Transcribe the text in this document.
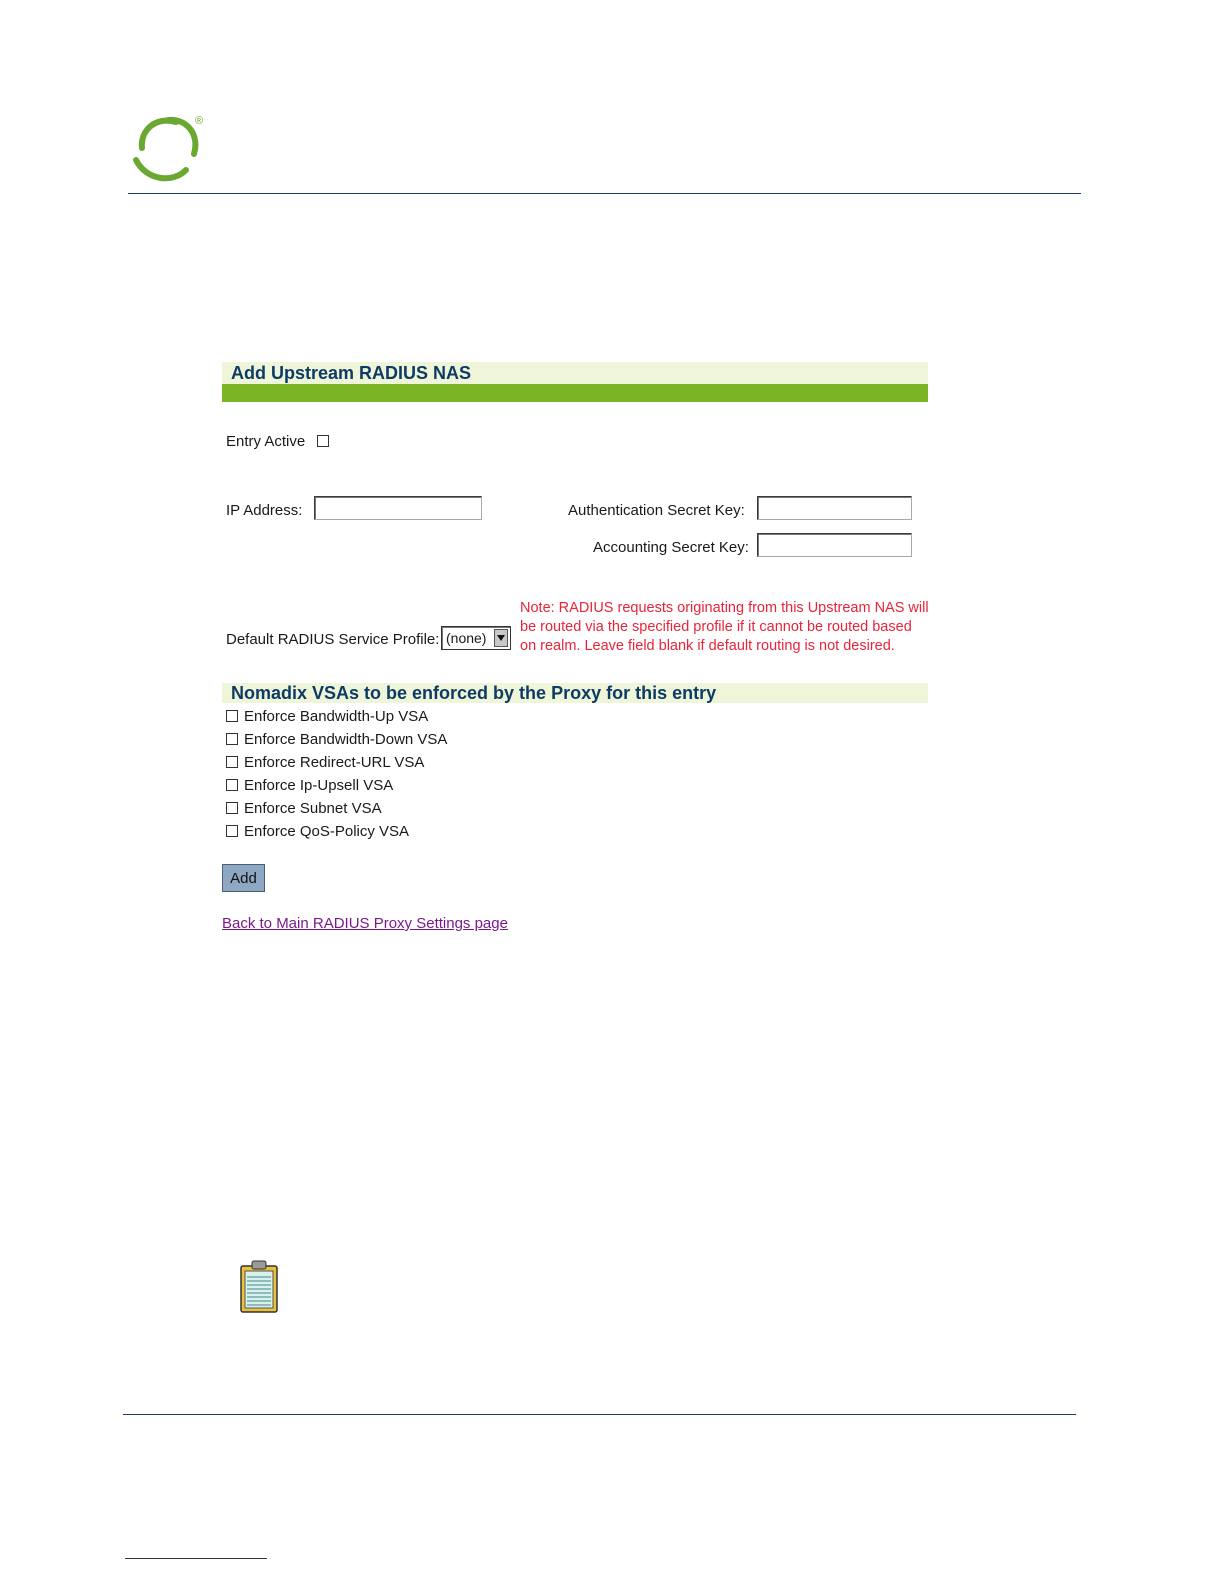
®
Add Upstream RADIUS NAS
Entry Active
IP Address:	Authentication Secret Key:
Accounting Secret Key:
Default RADIUS Service Profile: (none)
Note: RADIUS requests originating from this Upstream NAS will be routed via the specified profile if it cannot be routed based on realm. Leave field blank if default routing is not desired.
Nomadix VSAs to be enforced by the Proxy for this entry
Enforce Bandwidth-Up VSA
Enforce Bandwidth-Down VSA
Enforce Redirect-URL VSA
Enforce Ip-Upsell VSA
Enforce Subnet VSA
Enforce QoS-Policy VSA
Add
Back to Main RADIUS Proxy Settings page
